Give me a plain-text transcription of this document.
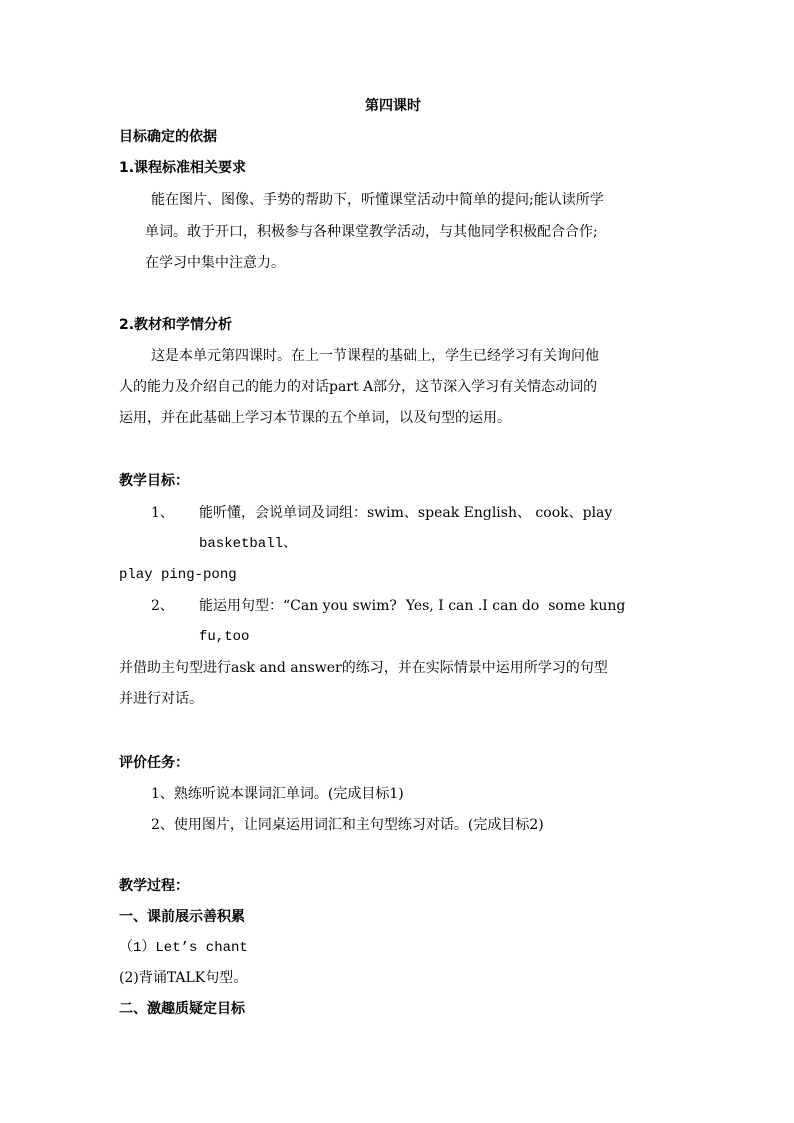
第四课时
目标确定的依据
1.课程标准相关要求
能在图片、图像、手势的帮助下，听懂课堂活动中简单的提问;能认读所学
单词。敢于开口，积极参与各种课堂教学活动，与其他同学积极配合合作;
在学习中集中注意力。
2.教材和学情分析
这是本单元第四课时。在上一节课程的基础上，学生已经学习有关询问他
人的能力及介绍自己的能力的对话part A部分，这节深入学习有关情态动词的
运用，并在此基础上学习本节课的五个单词，以及句型的运用。
教学目标：
1、 能听懂，会说单词及词组：swim、speak English、 cook、play
basketball、
play ping-pong
2、 能运用句型：“Can you swim?  Yes, I can .I can do  some kung
fu,too
并借助主句型进行ask and answer的练习，并在实际情景中运用所学习的句型
并进行对话。
评价任务：
1、熟练听说本课词汇单词。(完成目标1)
2、使用图片，让同桌运用词汇和主句型练习对话。(完成目标2)
教学过程：
一、课前展示善积累
（1）Let’s chant
(2)背诵TALK句型。
二、激趣质疑定目标
